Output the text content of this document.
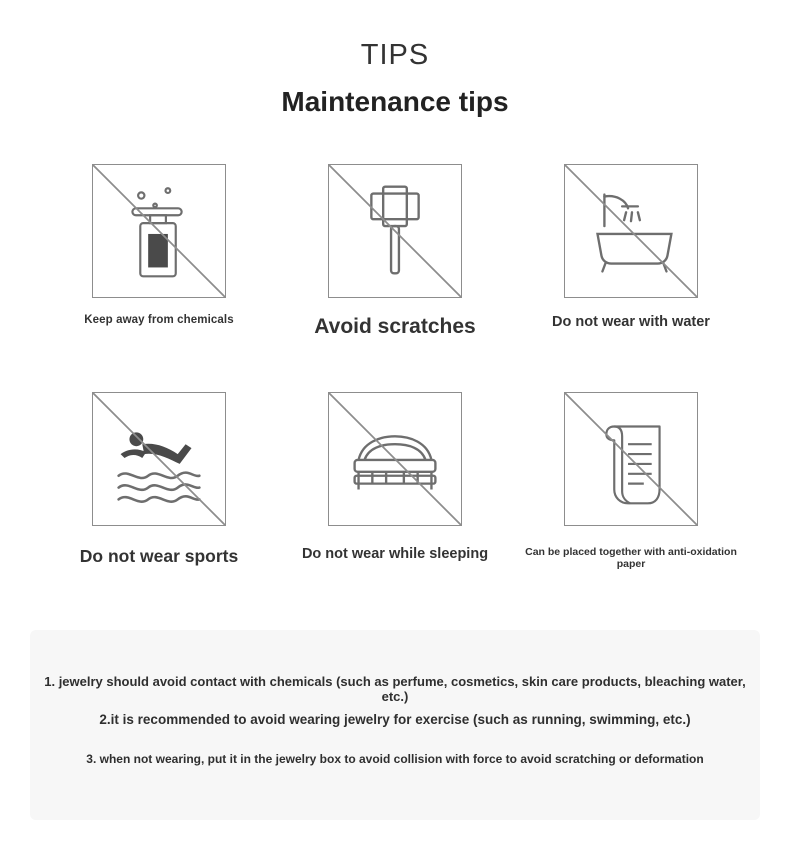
TIPS
Maintenance tips
Keep away from chemicals	Avoid scratches	Do not wear with water
Do not wear sports	Do not wear while sleeping	Can be placed together with anti-oxidation paper
1. jewelry should avoid contact with chemicals (such as perfume, cosmetics, skin care products, bleaching water, etc.)
2.it is recommended to avoid wearing jewelry for exercise (such as running, swimming, etc.)
3. when not wearing, put it in the jewelry box to avoid collision with force to avoid scratching or deformation
